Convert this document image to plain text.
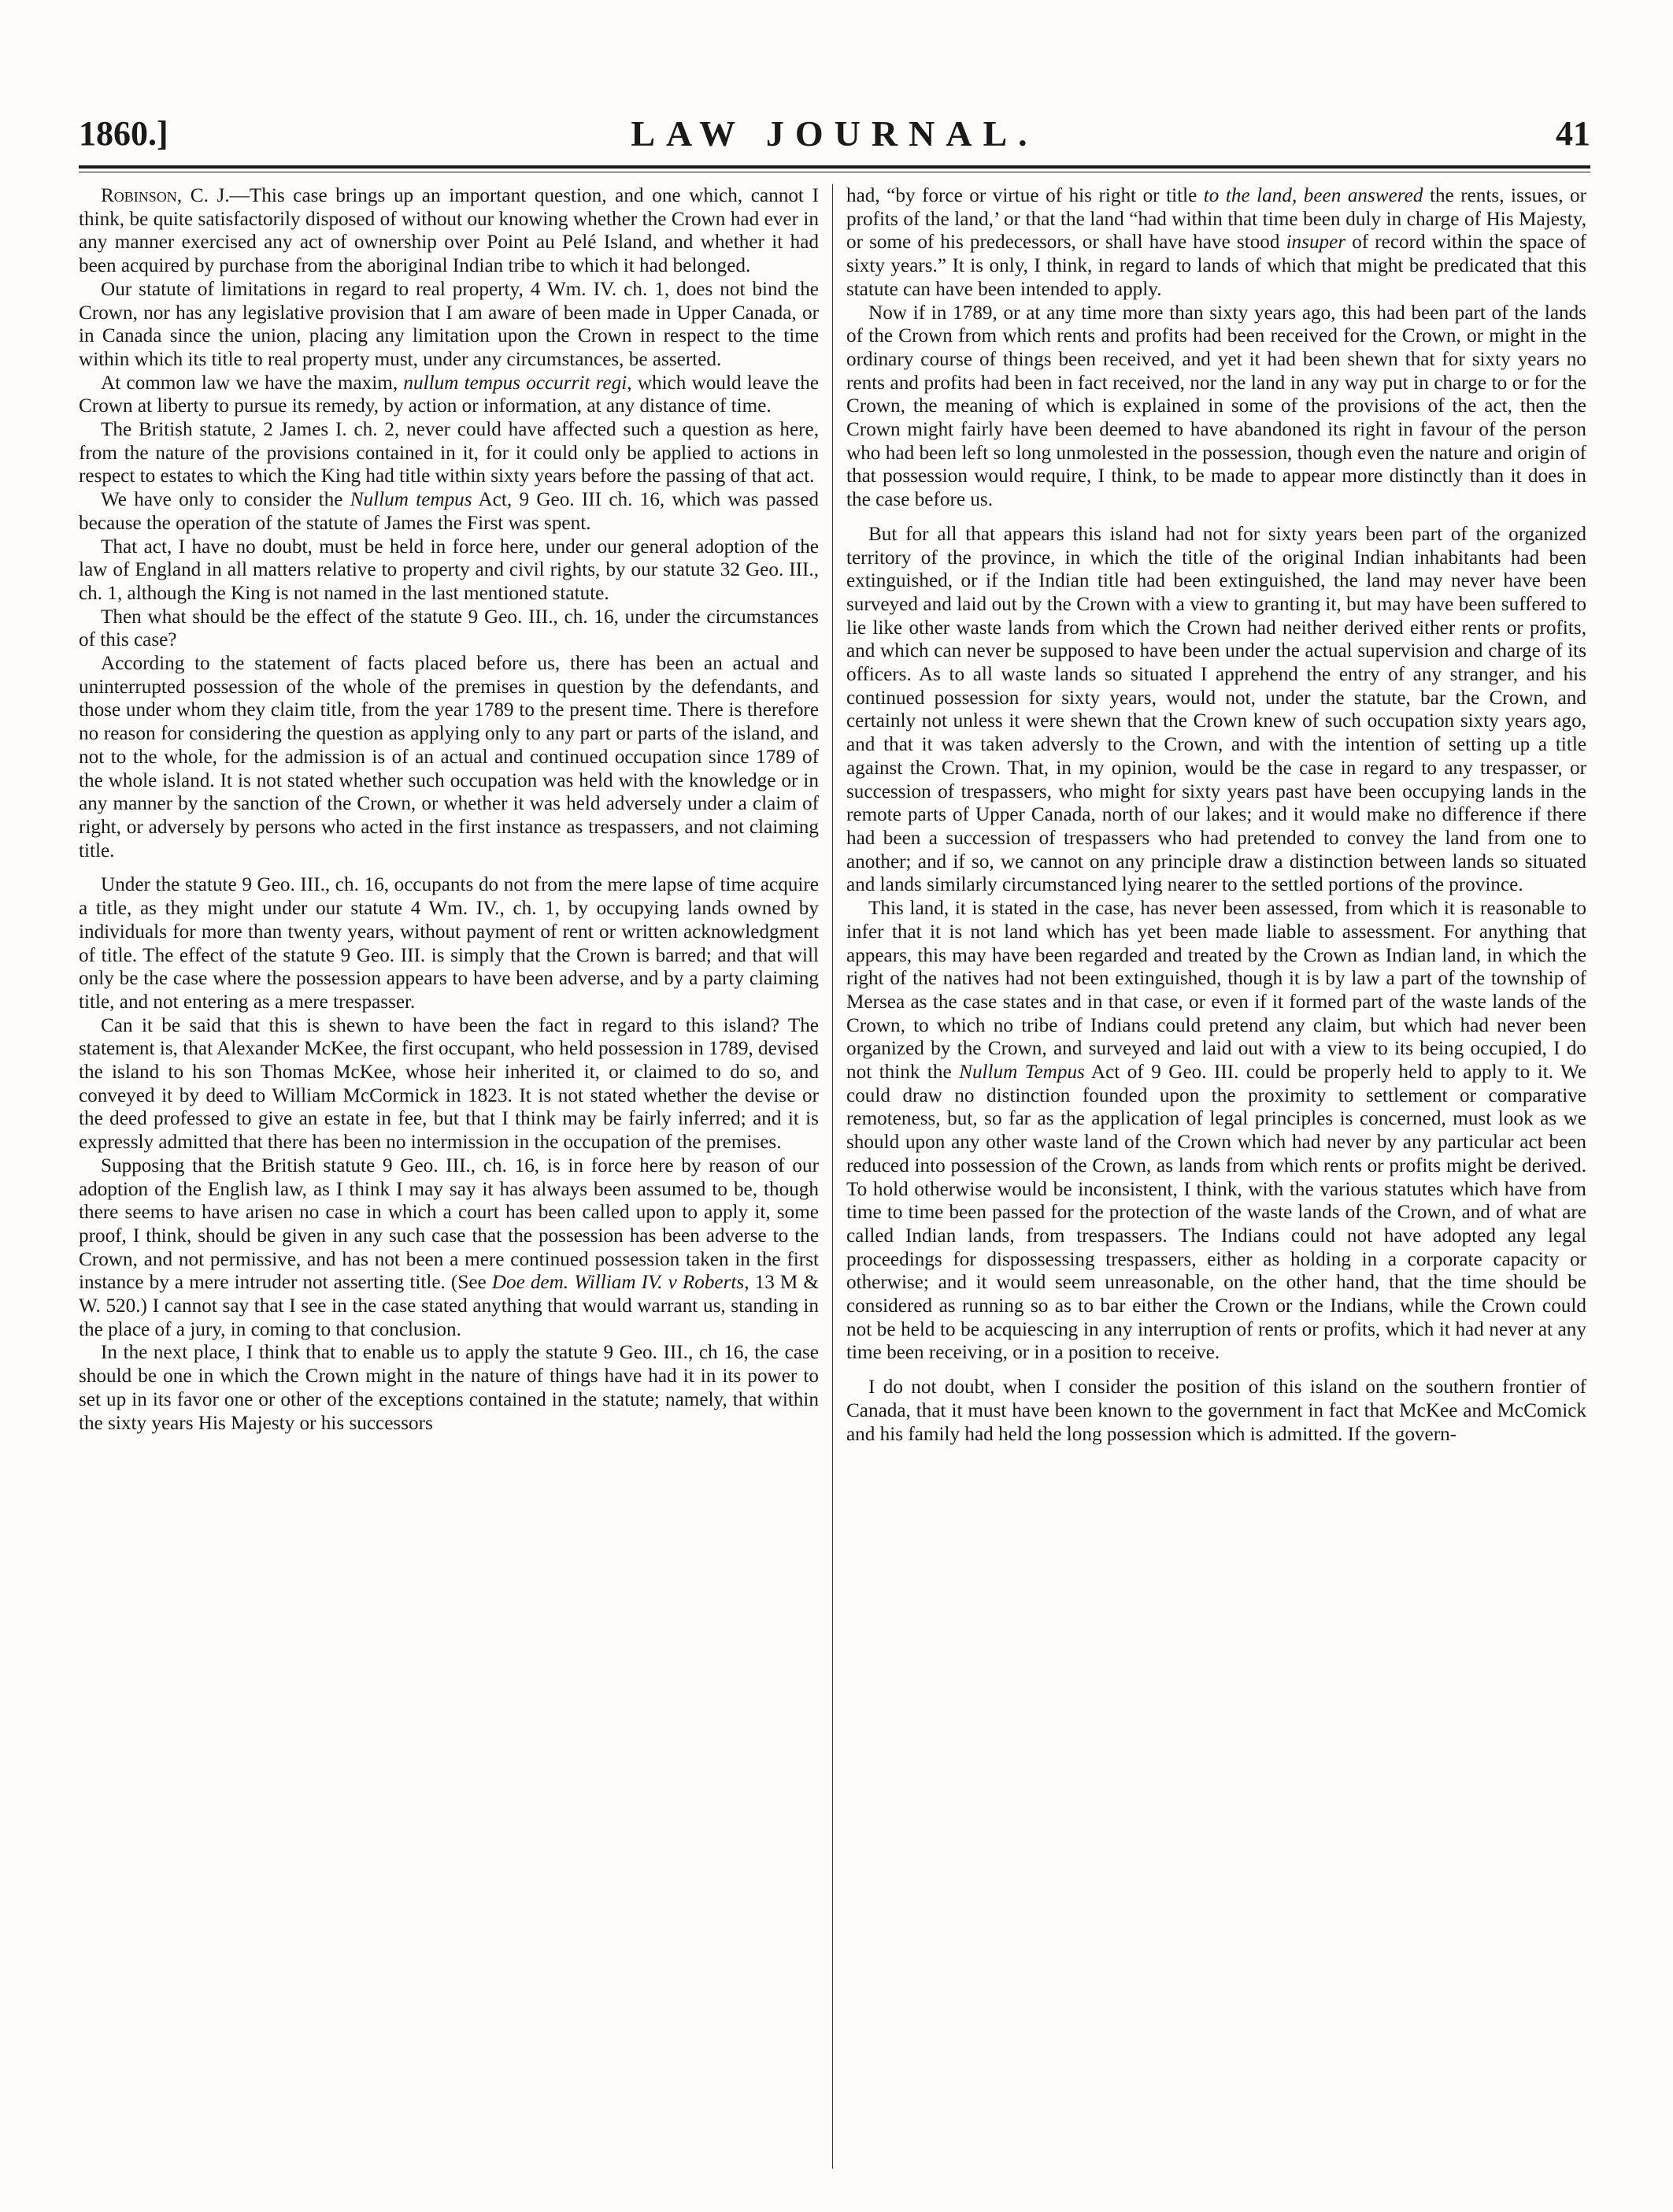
1860.]	LAW JOURNAL.	41

Robinson, C. J.—This case brings up an important question, and one which, cannot I think, be quite satisfactorily disposed of without our knowing whether the Crown had ever in any manner exercised any act of ownership over Point au Pelé Island, and whether it had been acquired by purchase from the aboriginal Indian tribe to which it had belonged.

Our statute of limitations in regard to real property, 4 Wm. IV. ch. 1, does not bind the Crown, nor has any legislative provision that I am aware of been made in Upper Canada, or in Canada since the union, placing any limitation upon the Crown in respect to the time within which its title to real property must, under any circumstances, be asserted.

At common law we have the maxim, nullum tempus occurrit regi, which would leave the Crown at liberty to pursue its remedy, by action or information, at any distance of time.

The British statute, 2 James I. ch. 2, never could have affected such a question as here, from the nature of the provisions contained in it, for it could only be applied to actions in respect to estates to which the King had title within sixty years before the passing of that act.

We have only to consider the Nullum tempus Act, 9 Geo. III ch. 16, which was passed because the operation of the statute of James the First was spent.

That act, I have no doubt, must be held in force here, under our general adoption of the law of England in all matters relative to property and civil rights, by our statute 32 Geo. III., ch. 1, although the King is not named in the last mentioned statute.

Then what should be the effect of the statute 9 Geo. III., ch. 16, under the circumstances of this case?

According to the statement of facts placed before us, there has been an actual and uninterrupted possession of the whole of the premises in question by the defendants, and those under whom they claim title, from the year 1789 to the present time. There is therefore no reason for considering the question as applying only to any part or parts of the island, and not to the whole, for the admission is of an actual and continued occupation since 1789 of the whole island. It is not stated whether such occupation was held with the knowledge or in any manner by the sanction of the Crown, or whether it was held adversely under a claim of right, or adversely by persons who acted in the first instance as trespassers, and not claiming title.

Under the statute 9 Geo. III., ch. 16, occupants do not from the mere lapse of time acquire a title, as they might under our statute 4 Wm. IV., ch. 1, by occupying lands owned by individuals for more than twenty years, without payment of rent or written acknowledgment of title. The effect of the statute 9 Geo. III. is simply that the Crown is barred; and that will only be the case where the possession appears to have been adverse, and by a party claiming title, and not entering as a mere trespasser.

Can it be said that this is shewn to have been the fact in regard to this island? The statement is, that Alexander McKee, the first occupant, who held possession in 1789, devised the island to his son Thomas McKee, whose heir inherited it, or claimed to do so, and conveyed it by deed to William McCormick in 1823. It is not stated whether the devise or the deed professed to give an estate in fee, but that I think may be fairly inferred; and it is expressly admitted that there has been no intermission in the occupation of the premises.

Supposing that the British statute 9 Geo. III., ch. 16, is in force here by reason of our adoption of the English law, as I think I may say it has always been assumed to be, though there seems to have arisen no case in which a court has been called upon to apply it, some proof, I think, should be given in any such case that the possession has been adverse to the Crown, and not permissive, and has not been a mere continued possession taken in the first instance by a mere intruder not asserting title. (See Doe dem. William IV. v Roberts, 13 M & W. 520.) I cannot say that I see in the case stated anything that would warrant us, standing in the place of a jury, in coming to that conclusion.

In the next place, I think that to enable us to apply the statute 9 Geo. III., ch 16, the case should be one in which the Crown might in the nature of things have had it in its power to set up in its favor one or other of the exceptions contained in the statute; namely, that within the sixty years His Majesty or his successors

had, “by force or virtue of his right or title to the land, been answered the rents, issues, or profits of the land,’ or that the land “had within that time been duly in charge of His Majesty, or some of his predecessors, or shall have have stood insuper of record within the space of sixty years.” It is only, I think, in regard to lands of which that might be predicated that this statute can have been intended to apply.

Now if in 1789, or at any time more than sixty years ago, this had been part of the lands of the Crown from which rents and profits had been received for the Crown, or might in the ordinary course of things been received, and yet it had been shewn that for sixty years no rents and profits had been in fact received, nor the land in any way put in charge to or for the Crown, the meaning of which is explained in some of the provisions of the act, then the Crown might fairly have been deemed to have abandoned its right in favour of the person who had been left so long unmolested in the possession, though even the nature and origin of that possession would require, I think, to be made to appear more distinctly than it does in the case before us.

But for all that appears this island had not for sixty years been part of the organized territory of the province, in which the title of the original Indian inhabitants had been extinguished, or if the Indian title had been extinguished, the land may never have been surveyed and laid out by the Crown with a view to granting it, but may have been suffered to lie like other waste lands from which the Crown had neither derived either rents or profits, and which can never be supposed to have been under the actual supervision and charge of its officers. As to all waste lands so situated I apprehend the entry of any stranger, and his continued possession for sixty years, would not, under the statute, bar the Crown, and certainly not unless it were shewn that the Crown knew of such occupation sixty years ago, and that it was taken adversly to the Crown, and with the intention of setting up a title against the Crown. That, in my opinion, would be the case in regard to any trespasser, or succession of trespassers, who might for sixty years past have been occupying lands in the remote parts of Upper Canada, north of our lakes; and it would make no difference if there had been a succession of trespassers who had pretended to convey the land from one to another; and if so, we cannot on any principle draw a distinction between lands so situated and lands similarly circumstanced lying nearer to the settled portions of the province.

This land, it is stated in the case, has never been assessed, from which it is reasonable to infer that it is not land which has yet been made liable to assessment. For anything that appears, this may have been regarded and treated by the Crown as Indian land, in which the right of the natives had not been extinguished, though it is by law a part of the township of Mersea as the case states and in that case, or even if it formed part of the waste lands of the Crown, to which no tribe of Indians could pretend any claim, but which had never been organized by the Crown, and surveyed and laid out with a view to its being occupied, I do not think the Nullum Tempus Act of 9 Geo. III. could be properly held to apply to it. We could draw no distinction founded upon the proximity to settlement or comparative remoteness, but, so far as the application of legal principles is concerned, must look as we should upon any other waste land of the Crown which had never by any particular act been reduced into possession of the Crown, as lands from which rents or profits might be derived. To hold otherwise would be inconsistent, I think, with the various statutes which have from time to time been passed for the protection of the waste lands of the Crown, and of what are called Indian lands, from trespassers. The Indians could not have adopted any legal proceedings for dispossessing trespassers, either as holding in a corporate capacity or otherwise; and it would seem unreasonable, on the other hand, that the time should be considered as running so as to bar either the Crown or the Indians, while the Crown could not be held to be acquiescing in any interruption of rents or profits, which it had never at any time been receiving, or in a position to receive.

I do not doubt, when I consider the position of this island on the southern frontier of Canada, that it must have been known to the government in fact that McKee and McComick and his family had held the long possession which is admitted. If the govern-
